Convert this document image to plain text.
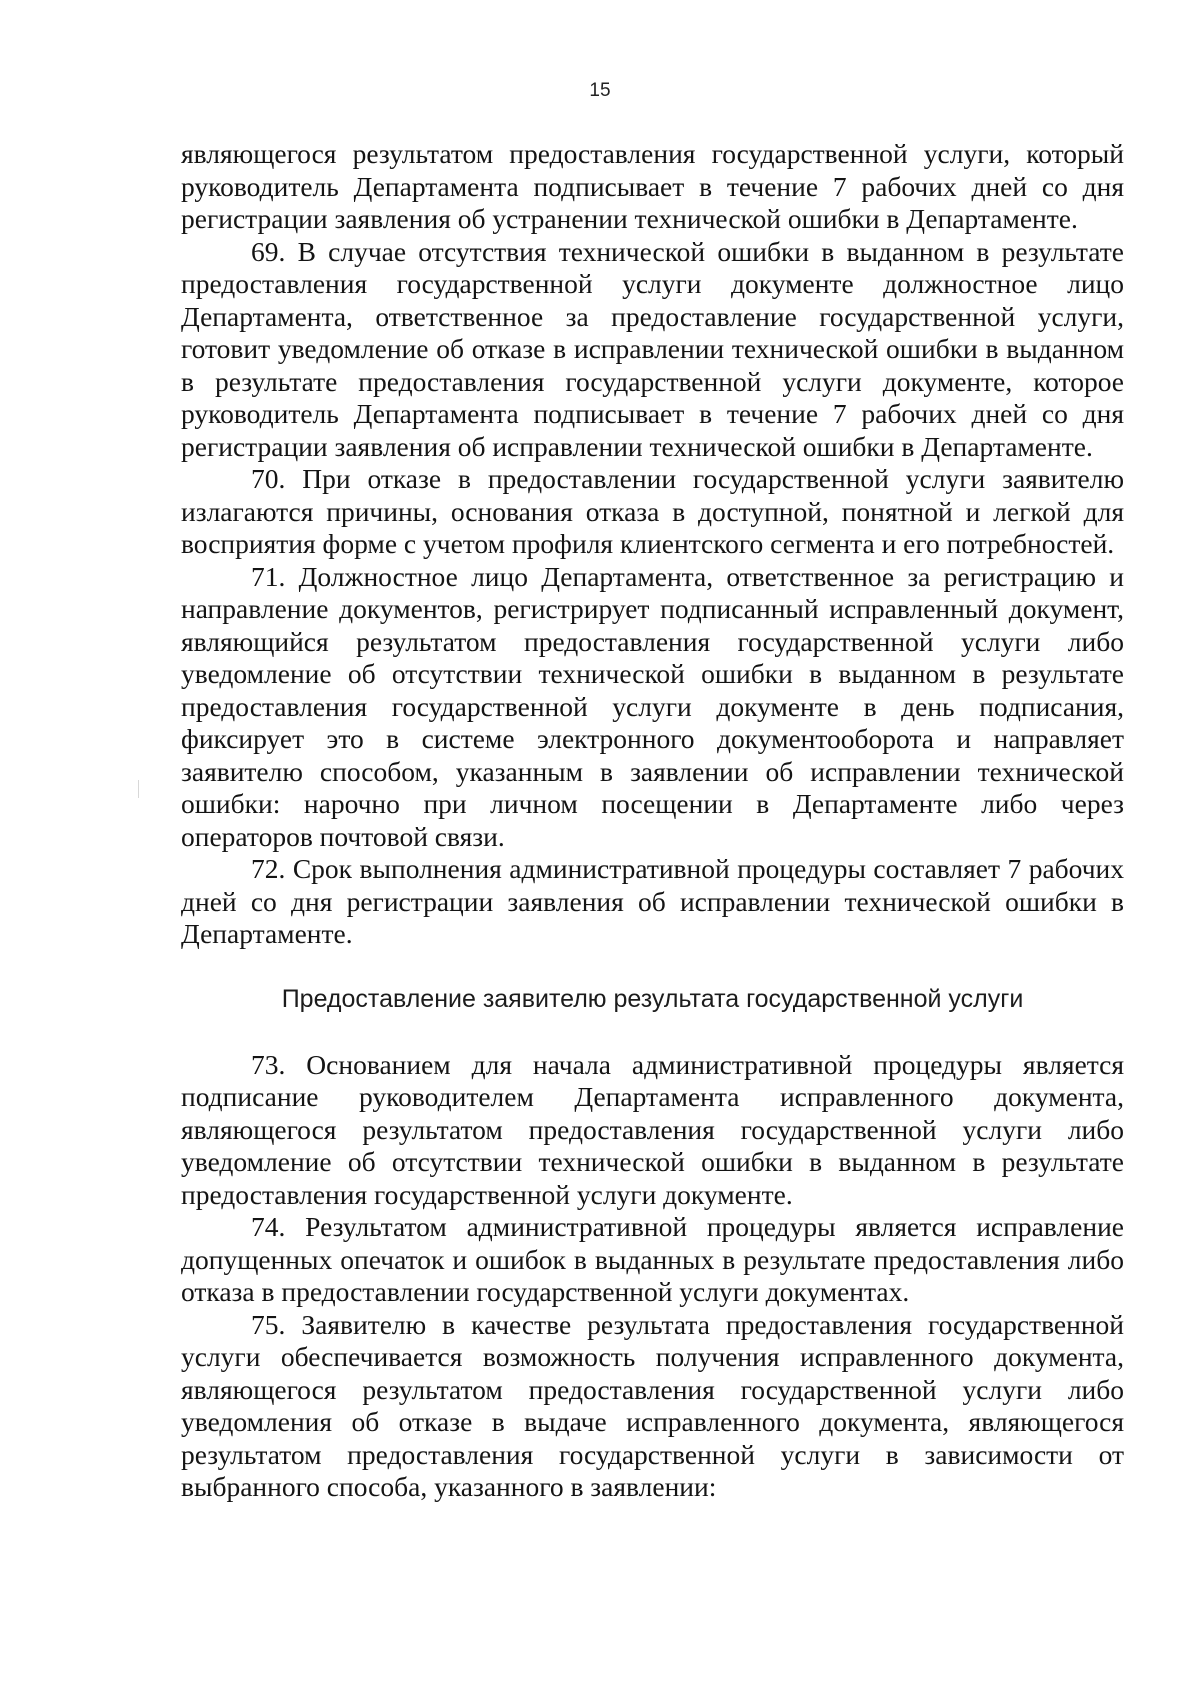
15

являющегося результатом предоставления государственной услуги, который руководитель Департамента подписывает в течение 7 рабочих дней со дня регистрации заявления об устранении технической ошибки в Департаменте.

69. В случае отсутствия технической ошибки в выданном в результате предоставления государственной услуги документе должностное лицо Департамента, ответственное за предоставление государственной услуги, готовит уведомление об отказе в исправлении технической ошибки в выданном в результате предоставления государственной услуги документе, которое руководитель Департамента подписывает в течение 7 рабочих дней со дня регистрации заявления об исправлении технической ошибки в Департаменте.

70. При отказе в предоставлении государственной услуги заявителю излагаются причины, основания отказа в доступной, понятной и легкой для восприятия форме с учетом профиля клиентского сегмента и его потребностей.

71. Должностное лицо Департамента, ответственное за регистрацию и направление документов, регистрирует подписанный исправленный документ, являющийся результатом предоставления государственной услуги либо уведомление об отсутствии технической ошибки в выданном в результате предоставления государственной услуги документе в день подписания, фиксирует это в системе электронного документооборота и направляет заявителю способом, указанным в заявлении об исправлении технической ошибки: нарочно при личном посещении в Департаменте либо через операторов почтовой связи.

72. Срок выполнения административной процедуры составляет 7 рабочих дней со дня регистрации заявления об исправлении технической ошибки в Департаменте.

Предоставление заявителю результата государственной услуги

73. Основанием для начала административной процедуры является подписание руководителем Департамента исправленного документа, являющегося результатом предоставления государственной услуги либо уведомление об отсутствии технической ошибки в выданном в результате предоставления государственной услуги документе.

74. Результатом административной процедуры является исправление допущенных опечаток и ошибок в выданных в результате предоставления либо отказа в предоставлении государственной услуги документах.

75. Заявителю в качестве результата предоставления государственной услуги обеспечивается возможность получения исправленного документа, являющегося результатом предоставления государственной услуги либо уведомления об отказе в выдаче исправленного документа, являющегося результатом предоставления государственной услуги в зависимости от выбранного способа, указанного в заявлении:
